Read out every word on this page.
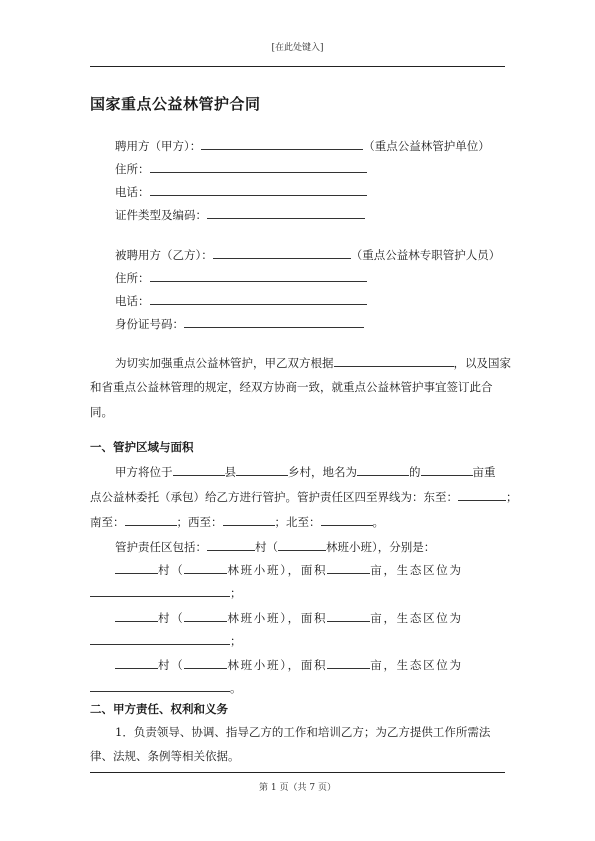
[在此处键入]
国家重点公益林管护合同
聘用方（甲方）：	（重点公益林管护单位）
住所：
电话：
证件类型及编码：
被聘用方（乙方）：	（重点公益林专职管护人员）
住所：
电话：
身份证号码：
为切实加强重点公益林管护，甲乙双方根据	，以及国家
和省重点公益林管理的规定，经双方协商一致，就重点公益林管护事宜签订此合
同。
一、管护区域与面积
甲方将位于	县	乡村，地名为	的	亩重
点公益林委托（承包）给乙方进行管护。管护责任区四至界线为：东至：	；
南至：	；西至：	；北至：	。
管护责任区包括：	村（	林班小班），分别是：
村（	林班小班），面积	亩，生态区位为
；
村（	林班小班），面积	亩，生态区位为
；
村（	林班小班），面积	亩，生态区位为
。
二、甲方责任、权利和义务
1．负责领导、协调、指导乙方的工作和培训乙方；为乙方提供工作所需法
律、法规、条例等相关依据。
第 1 页（共 7 页）
